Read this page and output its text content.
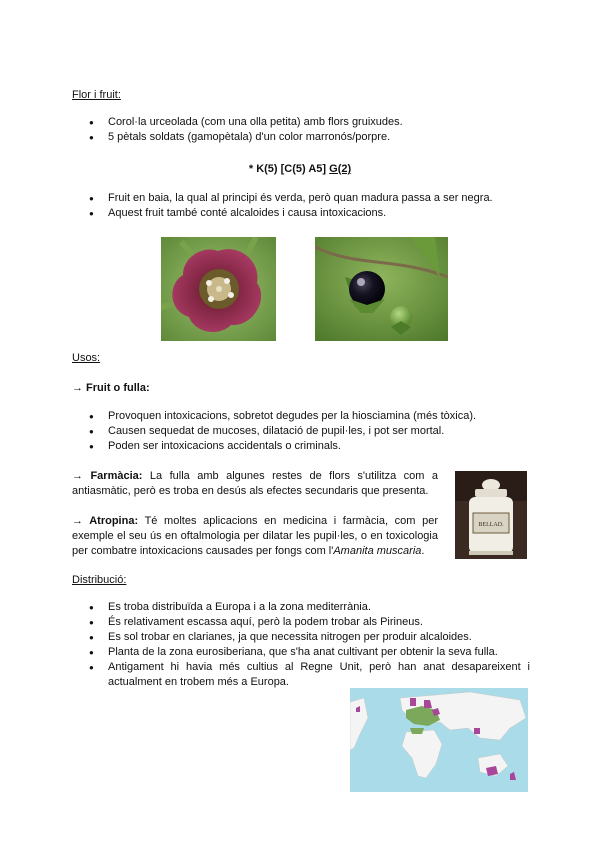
Flor i fruit:
● Corol·la urceolada (com una olla petita) amb flors gruixudes.
● 5 pètals soldats (gamopètala) d'un color marronós/porpre.
* K(5) [C(5) A5] G(2)
● Fruit en baia, la qual al principi és verda, però quan madura passa a ser negra.
● Aquest fruit també conté alcaloides i causa intoxicacions.
Usos:
→ Fruit o fulla:
● Provoquen intoxicacions, sobretot degudes per la hiosciamina (més tòxica).
● Causen sequedat de mucoses, dilatació de pupil·les, i pot ser mortal.
● Poden ser intoxicacions accidentals o criminals.
→ Farmàcia: La fulla amb algunes restes de flors s'utilitza com a antiasmàtic, però es troba en desús als efectes secundaris que presenta.
→ Atropina: Té moltes aplicacions en medicina i farmàcia, com per exemple el seu ús en oftalmologia per dilatar les pupil·les, o en toxicologia per combatre intoxicacions causades per fongs com l'Amanita muscaria.
BELLAD.
Distribució:
● Es troba distribuïda a Europa i a la zona mediterrània.
● És relativament escassa aquí, però la podem trobar als Pirineus.
● Es sol trobar en clarianes, ja que necessita nitrogen per produir alcaloides.
● Planta de la zona eurosiberiana, que s'ha anat cultivant per obtenir la seva fulla.
● Antigament hi havia més cultius al Regne Unit, però han anat desapareixent i actualment en trobem més a Europa.
